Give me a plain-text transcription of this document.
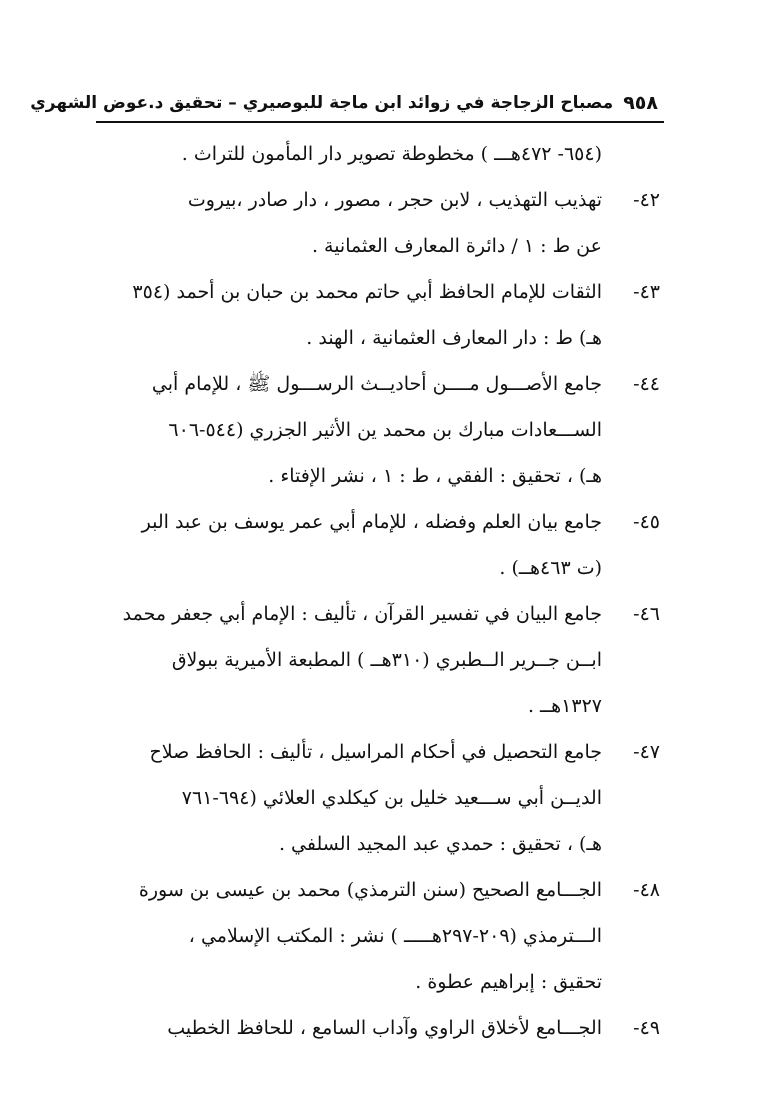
٩٥٨
مصباح الزجاجة في زوائد ابن ماجة للبوصيري – تحقيق د.عوض الشهري
(٦٥٤- ٤٧٢هـــ ) مخطوطة تصوير دار المأمون للتراث .
٤٢-
تهذيب التهذيب ، لابن حجر ، مصور ، دار صادر ،بيروت
عن ط : ١ / دائرة المعارف العثمانية .
٤٣-
الثقات للإمام الحافظ أبي حاتم محمد بن حبان بن أحمد (٣٥٤
هـ) ط : دار المعارف العثمانية ، الهند .
٤٤-
جامع الأصـــول مــــن أحاديــث الرســـول ﷺ ، للإمام أبي
الســـعادات مبارك بن محمد ين الأثير الجزري (٥٤٤-٦٠٦
هـ) ، تحقيق : الفقي ، ط : ١ ، نشر الإفتاء .
٤٥-
جامع بيان العلم وفضله ، للإمام أبي عمر يوسف بن عبد البر
(ت ٤٦٣هــ) .
٤٦-
جامع البيان في تفسير القرآن ، تأليف : الإمام أبي جعفر محمد
ابــن جــرير الــطبري (٣١٠هــ ) المطبعة الأميرية ببولاق
١٣٢٧هــ .
٤٧-
جامع التحصيل في أحكام المراسيل ، تأليف : الحافظ صلاح
الديــن أبي ســـعيد خليل بن كيكلدي العلائي (٦٩٤-٧٦١
هـ) ، تحقيق : حمدي عبد المجيد السلفي .
٤٨-
الجـــامع الصحيح (سنن الترمذي) محمد بن عيسى بن سورة
الـــترمذي (٢٠٩-٢٩٧هـــــ ) نشر : المكتب الإسلامي ،
تحقيق : إبراهيم عطوة .
٤٩-
الجـــامع لأخلاق الراوي وآداب السامع ، للحافظ الخطيب
